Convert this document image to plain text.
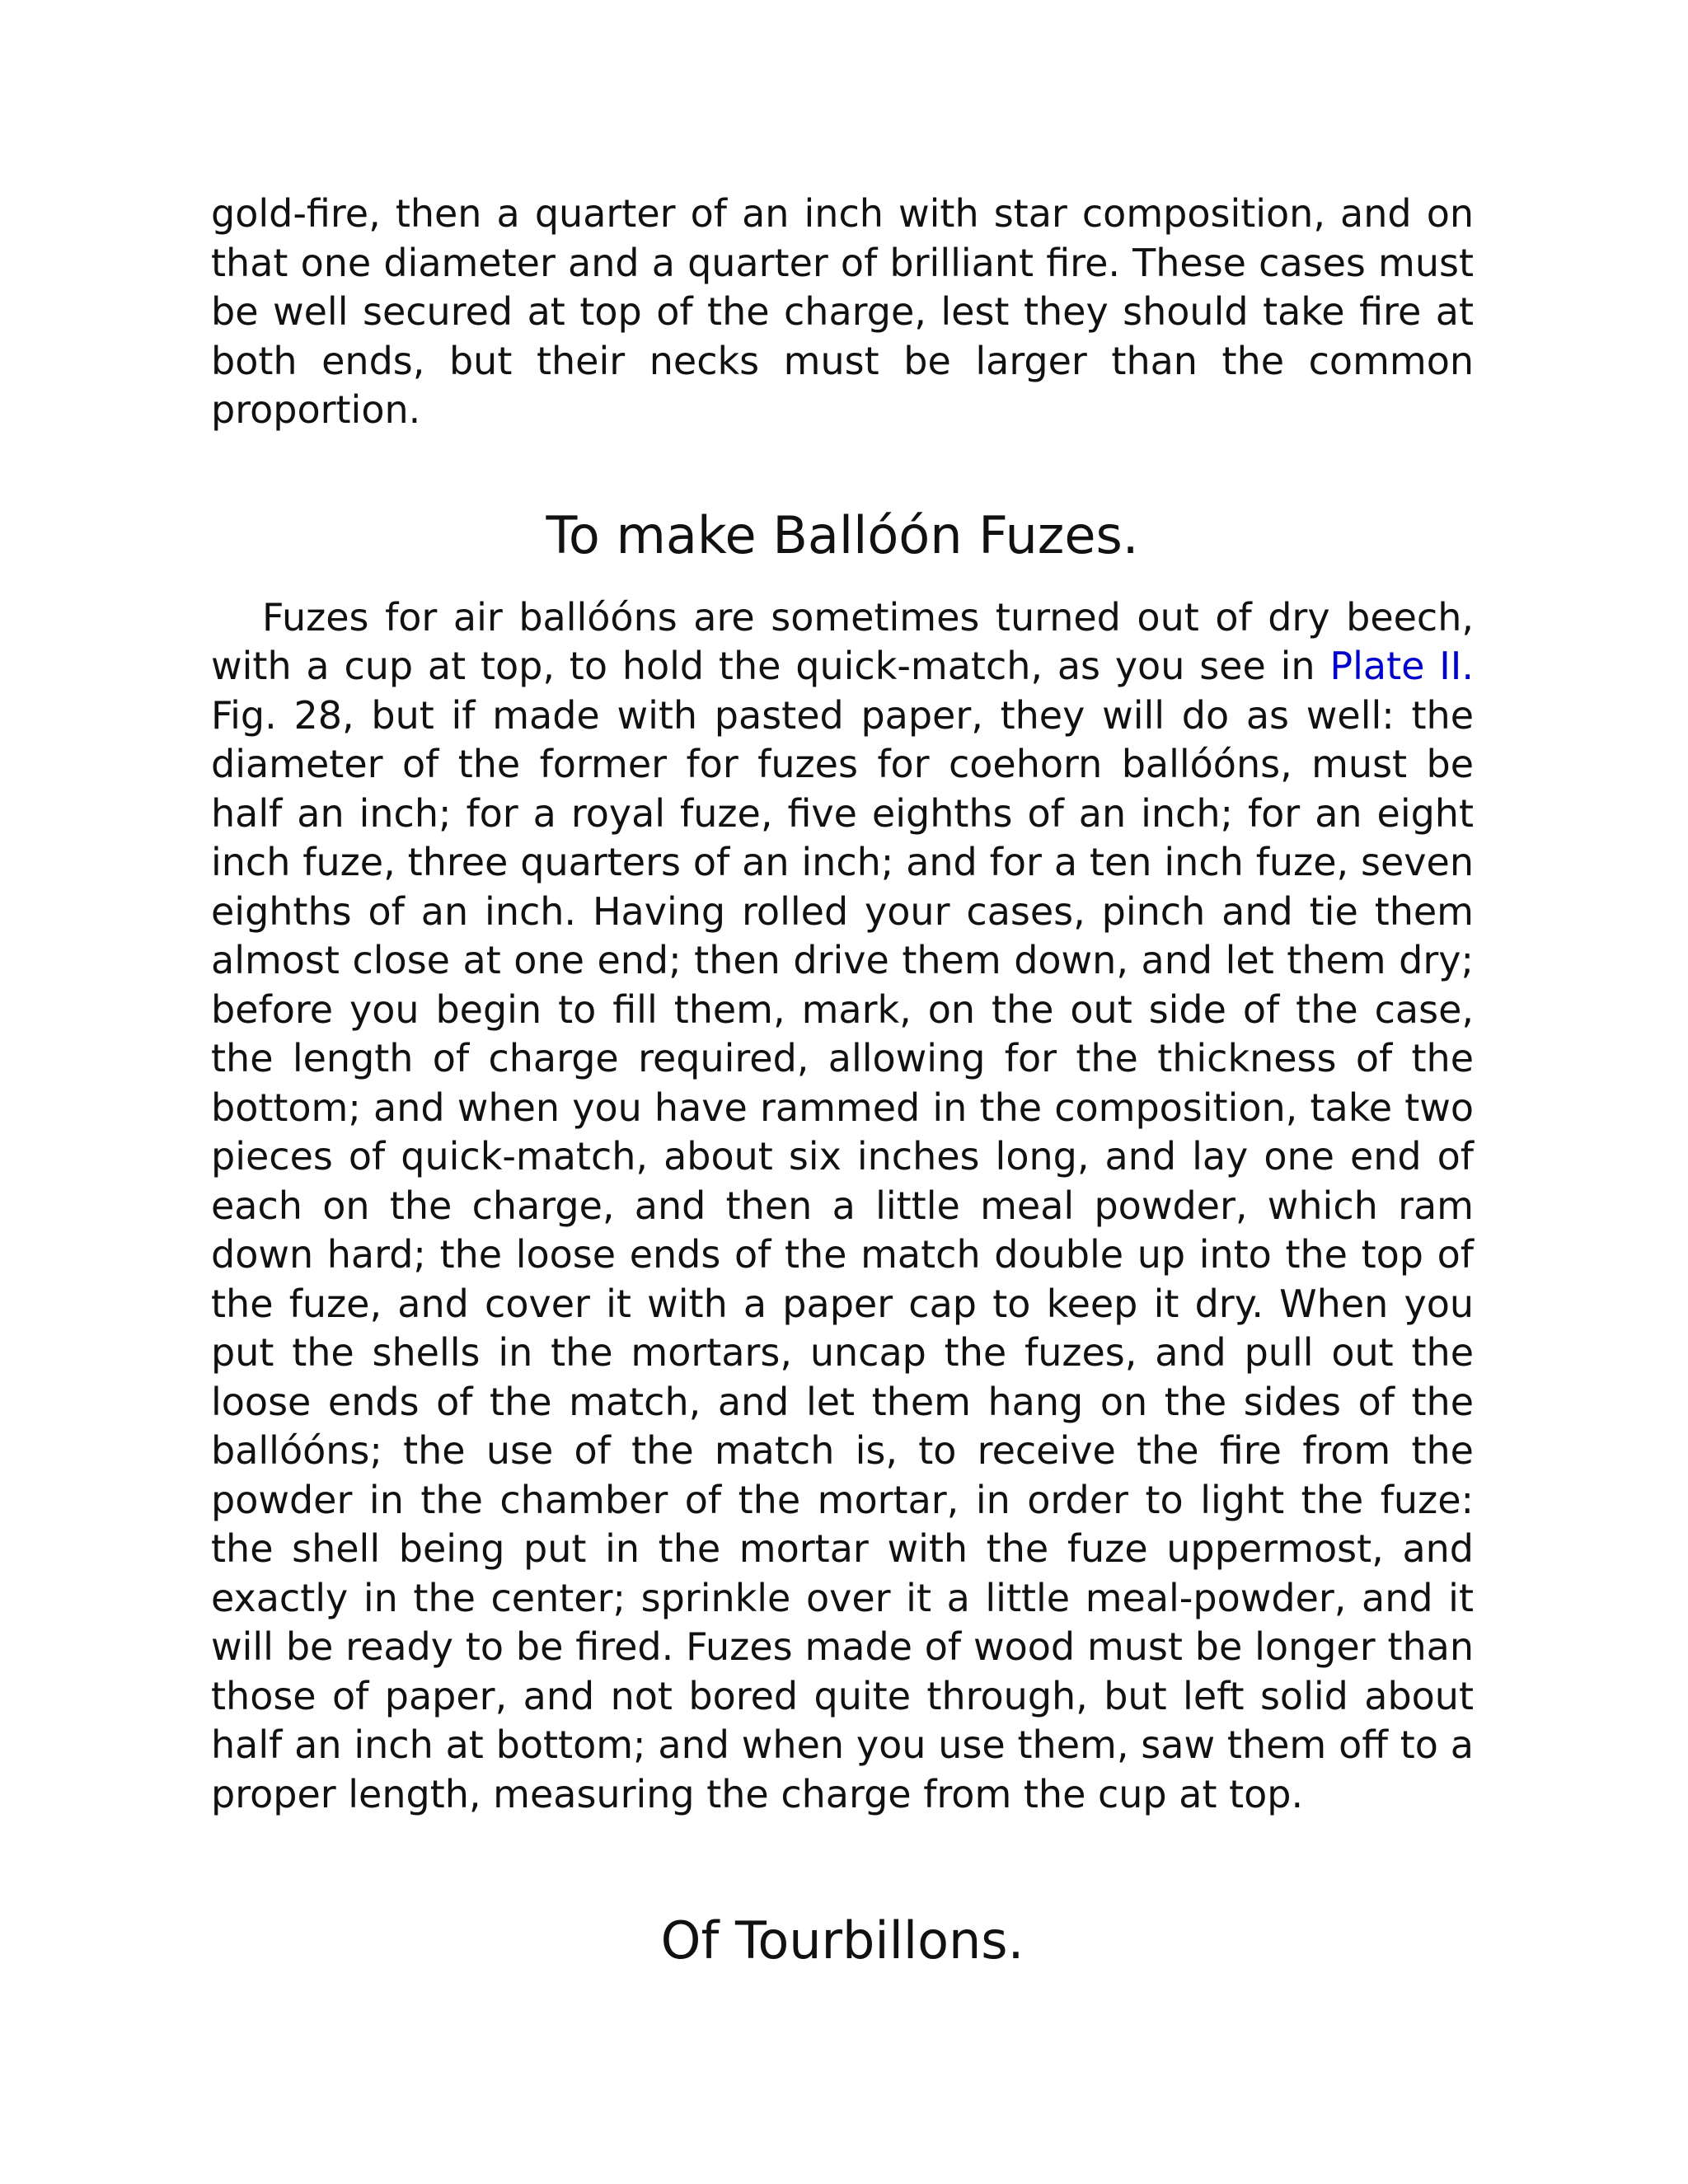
gold-fire, then a quarter of an inch with star composition, and on that one diameter and a quarter of brilliant fire. These cases must be well secured at top of the charge, lest they should take fire at both ends, but their necks must be larger than the common proportion.

To make Ballóón Fuzes.

Fuzes for air ballóóns are sometimes turned out of dry beech, with a cup at top, to hold the quick-match, as you see in Plate II. Fig. 28, but if made with pasted paper, they will do as well: the diameter of the former for fuzes for coehorn ballóóns, must be half an inch; for a royal fuze, five eighths of an inch; for an eight inch fuze, three quarters of an inch; and for a ten inch fuze, seven eighths of an inch. Having rolled your cases, pinch and tie them almost close at one end; then drive them down, and let them dry; before you begin to fill them, mark, on the out side of the case, the length of charge required, allowing for the thickness of the bottom; and when you have rammed in the composition, take two pieces of quick-match, about six inches long, and lay one end of each on the charge, and then a little meal powder, which ram down hard; the loose ends of the match double up into the top of the fuze, and cover it with a paper cap to keep it dry. When you put the shells in the mortars, uncap the fuzes, and pull out the loose ends of the match, and let them hang on the sides of the ballóóns; the use of the match is, to receive the fire from the powder in the chamber of the mortar, in order to light the fuze: the shell being put in the mortar with the fuze uppermost, and exactly in the center; sprinkle over it a little meal-powder, and it will be ready to be fired. Fuzes made of wood must be longer than those of paper, and not bored quite through, but left solid about half an inch at bottom; and when you use them, saw them off to a proper length, measuring the charge from the cup at top.

Of Tourbillons.
